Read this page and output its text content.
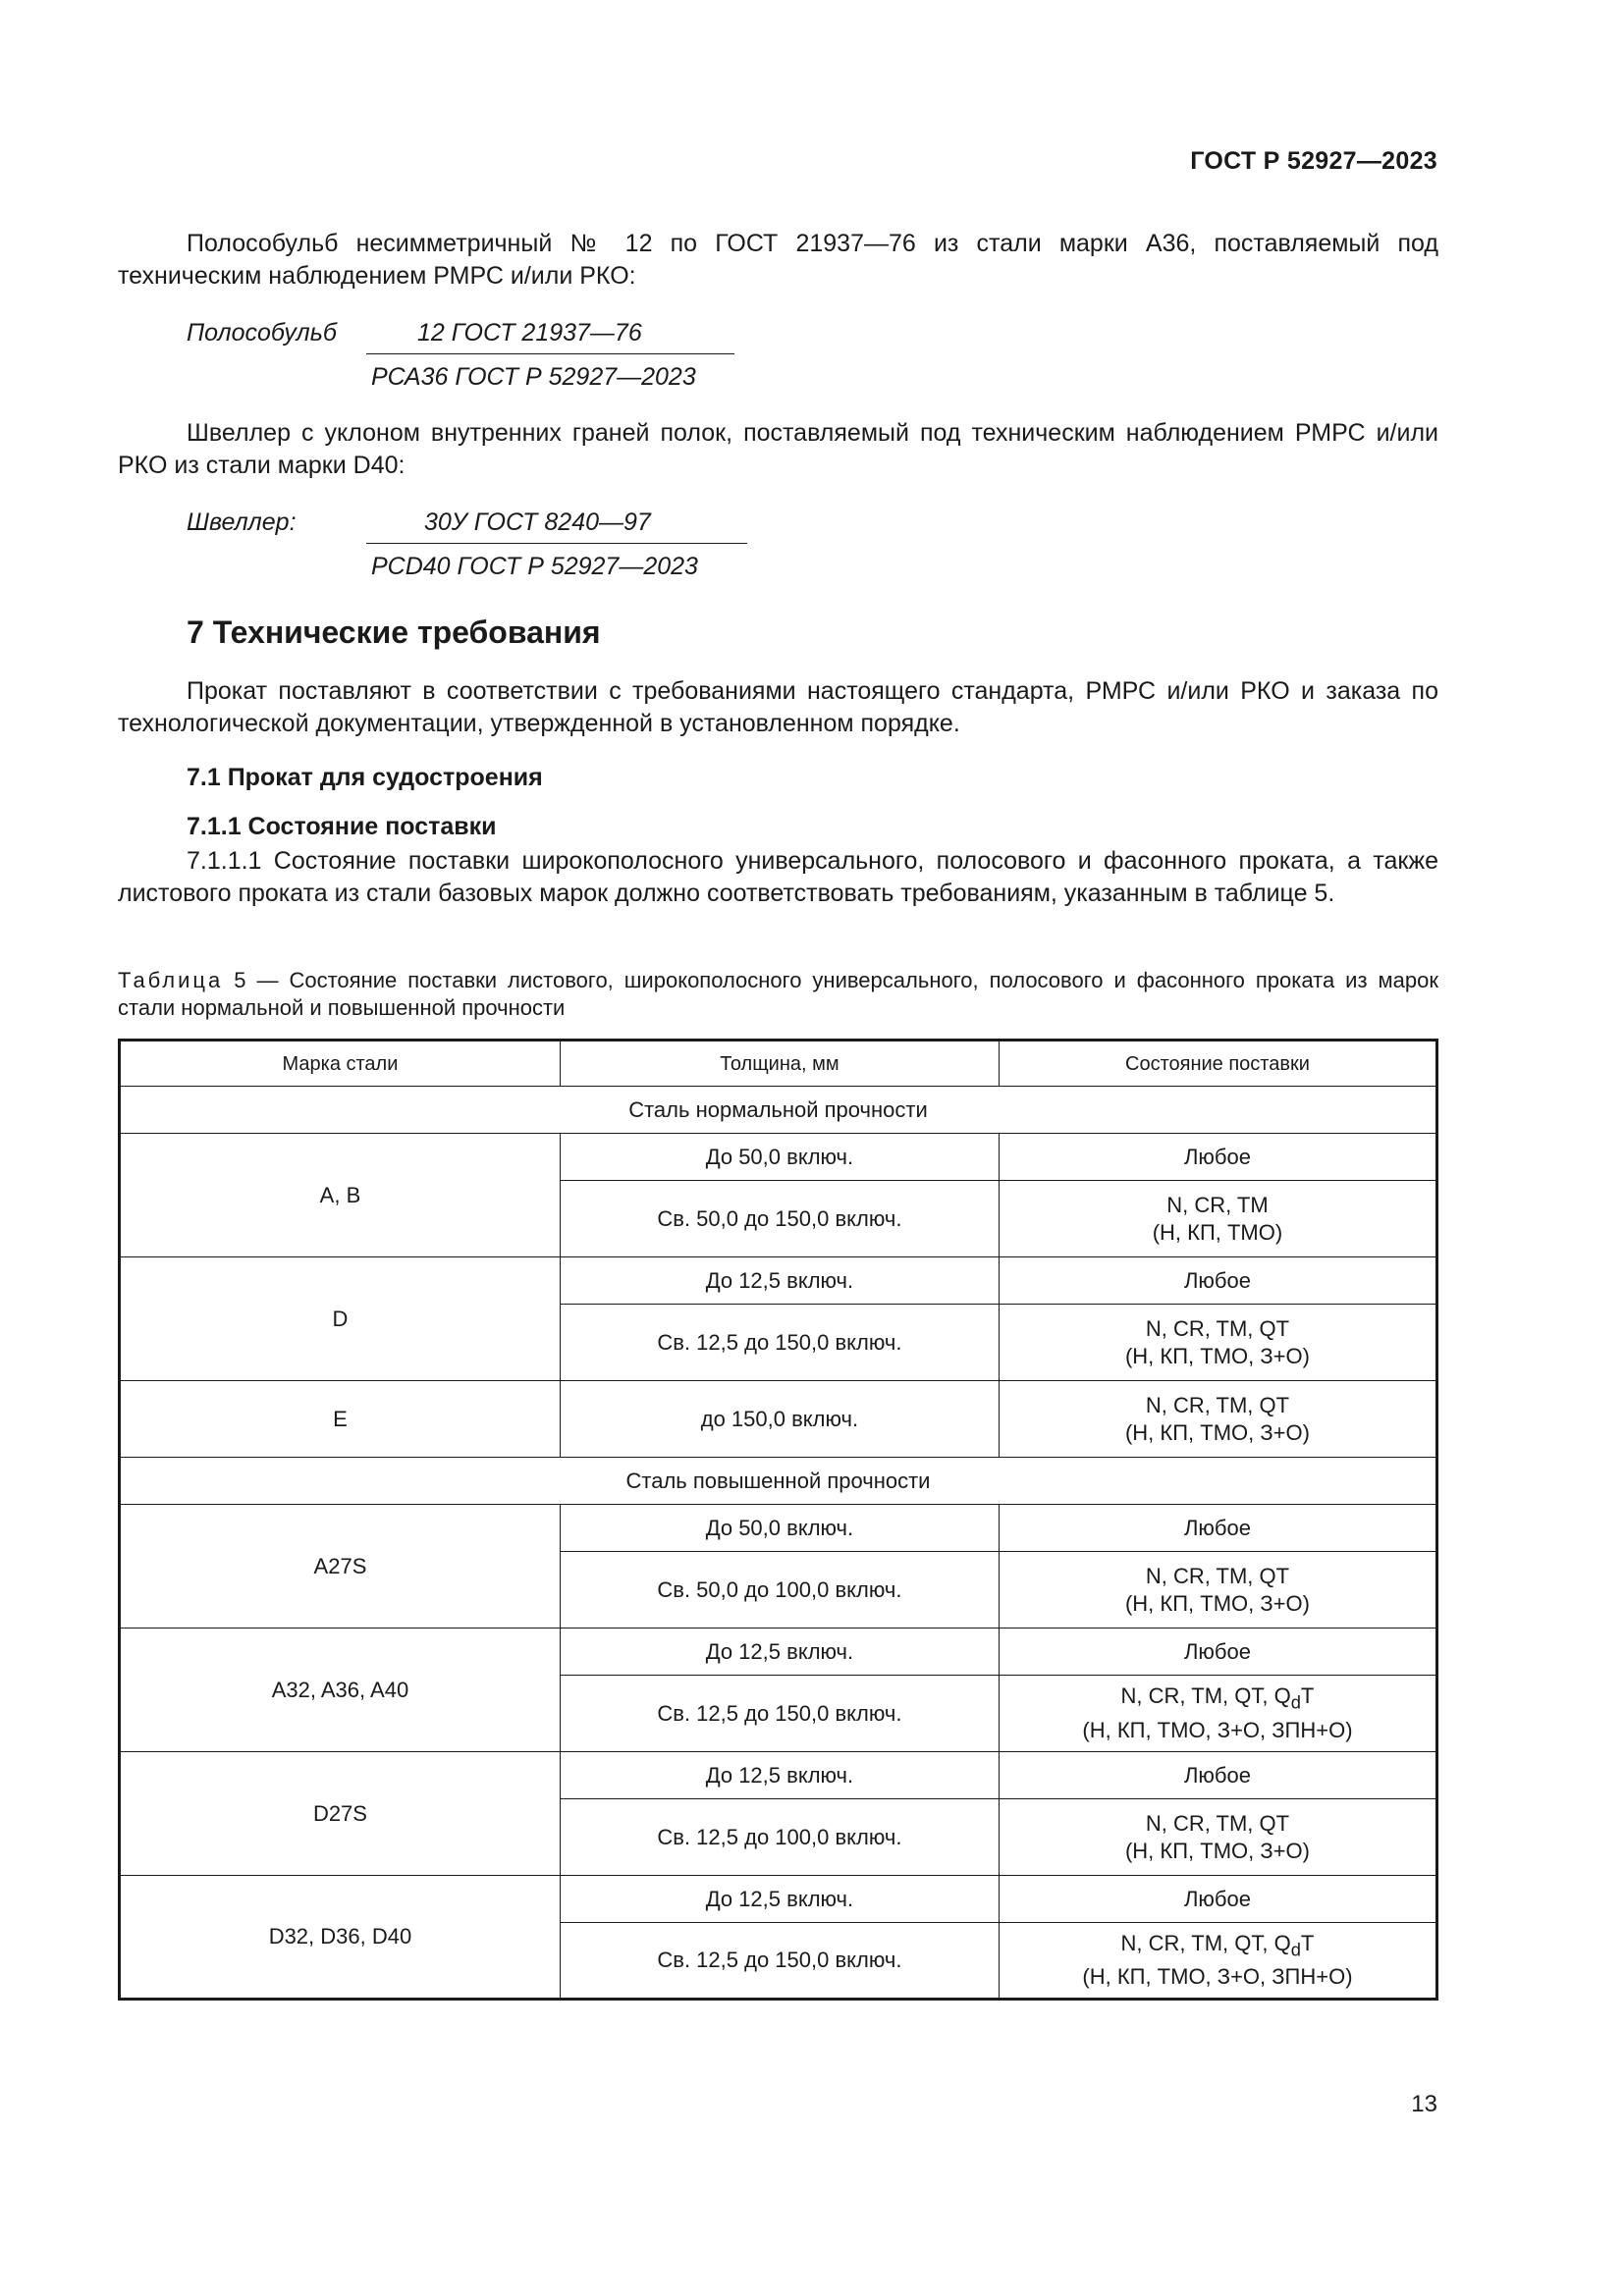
ГОСТ Р 52927—2023
Полособульб несимметричный № 12 по ГОСТ 21937—76 из стали марки А36, поставляемый под техническим наблюдением РМРС и/или РКО:
Полособульб	12 ГОСТ 21937—76
РСА36 ГОСТ Р 52927—2023
Швеллер с уклоном внутренних граней полок, поставляемый под техническим наблюдением РМРС и/или РКО из стали марки D40:
Швеллер:	30У ГОСТ 8240—97
PCD40 ГОСТ Р 52927—2023
7 Технические требования
Прокат поставляют в соответствии с требованиями настоящего стандарта, РМРС и/или РКО и заказа по технологической документации, утвержденной в установленном порядке.
7.1 Прокат для судостроения
7.1.1 Состояние поставки
7.1.1.1 Состояние поставки широкополосного универсального, полосового и фасонного проката, а также листового проката из стали базовых марок должно соответствовать требованиям, указанным в таблице 5.
Таблица 5 — Состояние поставки листового, широкополосного универсального, полосового и фасонного проката из марок стали нормальной и повышенной прочности
Марка стали	Толщина, мм	Состояние поставки
Сталь нормальной прочности		
A, B	До 50,0 включ.	Любое
	Св. 50,0 до 150,0 включ.	N, CR, TM
(Н, КП, ТМО)

D	До 12,5 включ.	Любое
	Св. 12,5 до 150,0 включ.	N, CR, TM, QT
(Н, КП, ТМО, З+О)

E	до 150,0 включ.	N, CR, TM, QT
(Н, КП, ТМО, З+О)

Сталь повышенной прочности		
A27S	До 50,0 включ.	Любое
	Св. 50,0 до 100,0 включ.	N, CR, TM, QT
(Н, КП, ТМО, З+О)

A32, A36, A40	До 12,5 включ.	Любое
	Св. 12,5 до 150,0 включ.	N, CR, TM, QT, $Q_dT$
(Н, КП, ТМО, З+О, ЗПН+О)

D27S	До 12,5 включ.	Любое
	Св. 12,5 до 100,0 включ.	N, CR, TM, QT
(Н, КП, ТМО, З+О)

D32, D36, D40	До 12,5 включ.	Любое
	Св. 12,5 до 150,0 включ.	N, CR, TM, QT, $Q_dT$
(Н, КП, ТМО, З+О, ЗПН+О)
13
